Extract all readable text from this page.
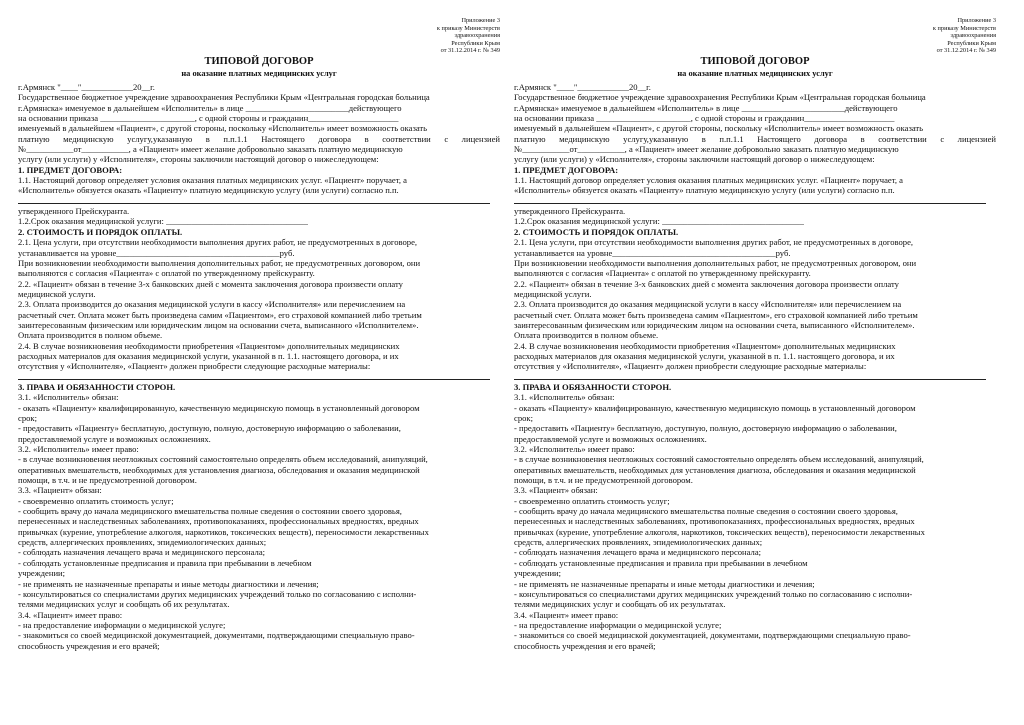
Приложение 3
к приказу Министерств
здравоохранения
Республики Крым
от 31.12.2014 г. № 349
ТИПОВОЙ ДОГОВОР
на оказание платных медицинских услуг
г.Армянск "____"____________20__г.
Государственное бюджетное учреждение здравоохранения Республики Крым «Центральная городская больница
г.Армянска» именуемое в дальнейшем «Исполнитель» в лице ________________________действующего
на основании приказа ______________________, с одной стороны и гражданин_____________________
именуемый в дальнейшем «Пациент», с другой стороны, поскольку «Исполнитель» имеет возможность оказать
платную медицинскую услугу,указанную в п.п.1.1 Настоящего договора в соответствии с лицензией
№___________от___________, а «Пациент» имеет желание добровольно заказать платную медицинскую
услугу (или услуги) у «Исполнителя», стороны заключили настоящий договор о нижеследующем:
1. ПРЕДМЕТ ДОГОВОРА:
1.1. Настоящий договор определяет условия оказания платных медицинских услуг. «Пациент» поручает, а
«Исполнитель» обязуется оказать «Пациенту» платную медицинскую услугу (или услуги) согласно п.п.
утвержденного Прейскуранта.
1.2.Срок оказания медицинской услуги: _________________________________
2. СТОИМОСТЬ И ПОРЯДОК ОПЛАТЫ.
2.1. Цена услуги, при отсутствии необходимости выполнения других работ, не предусмотренных в договоре,
устанавливается на уровне______________________________________руб.
При возникновении необходимости выполнения дополнительных работ, не предусмотренных договором, они
выполняются с согласия «Пациента» с оплатой по утвержденному прейскуранту.
2.2. «Пациент» обязан в течение 3-х банковских дней с момента заключения договора произвести оплату
медицинской услуги.
2.3. Оплата производится до оказания медицинской услуги в кассу «Исполнителя» или перечислением на
расчетный счет. Оплата может быть произведена самим «Пациентом», его страховой компанией либо третьим
заинтересованным физическим или юридическим лицом на основании счета, выписанного «Исполнителем».
Оплата производится в полном объеме.
2.4. В случае возникновения необходимости приобретения «Пациентом» дополнительных медицинских
расходных материалов для оказания медицинской услуги, указанной в п. 1.1. настоящего договора, и их
отсутствия у «Исполнителя», «Пациент» должен приобрести следующие расходные материалы:
3. ПРАВА И ОБЯЗАННОСТИ СТОРОН.
3.1. «Исполнитель» обязан:
- оказать «Пациенту» квалифицированную, качественную медицинскую помощь в установленный договором
срок;
- предоставить «Пациенту» бесплатную, доступную, полную, достоверную информацию о заболевании,
предоставляемой услуге и возможных осложнениях.
3.2. «Исполнитель» имеет право:
- в случае возникновения неотложных состояний самостоятельно определять объем исследований, анипуляций,
оперативных вмешательств, необходимых для установления диагноза, обследования и оказания медицинской
помощи, в т.ч. и не предусмотренной договором.
3.3. «Пациент» обязан:
- своевременно оплатить стоимость услуг;
- сообщить врачу до начала медицинского вмешательства полные сведения о состоянии своего здоровья,
перенесенных и наследственных заболеваниях, противопоказаниях, профессиональных вредностях, вредных
привычках (курение, употребление алкоголя, наркотиков, токсических веществ), переносимости лекарственных
средств, аллергических проявлениях, эпидемиологических данных;
- соблюдать назначения лечащего врача и медицинского персонала;
- соблюдать установленные предписания и правила при пребывании в лечебном
учреждении;
- не применять не назначенные препараты и иные методы диагностики и лечения;
- консультироваться со специалистами других медицинских учреждений только по согласованию с исполни-
телями медицинских услуг и сообщать об их результатах.
3.4. «Пациент» имеет право:
- на предоставление информации о медицинской услуге;
- знакомиться со своей медицинской документацией, документами, подтверждающими специальную право-
способность учреждения и его врачей;
Приложение 3
к приказу Министерств
здравоохранения
Республики Крым
от 31.12.2014 г. № 349
ТИПОВОЙ ДОГОВОР
на оказание платных медицинских услуг
г.Армянск "____"____________20__г.
Государственное бюджетное учреждение здравоохранения Республики Крым «Центральная городская больница
г.Армянска» именуемое в дальнейшем «Исполнитель» в лице ________________________действующего
на основании приказа ______________________, с одной стороны и гражданин_____________________
именуемый в дальнейшем «Пациент», с другой стороны, поскольку «Исполнитель» имеет возможность оказать
платную медицинскую услугу,указанную в п.п.1.1 Настоящего договора в соответствии с лицензией
№___________от___________, а «Пациент» имеет желание добровольно заказать платную медицинскую
услугу (или услуги) у «Исполнителя», стороны заключили настоящий договор о нижеследующем:
1. ПРЕДМЕТ ДОГОВОРА:
1.1. Настоящий договор определяет условия оказания платных медицинских услуг. «Пациент» поручает, а
«Исполнитель» обязуется оказать «Пациенту» платную медицинскую услугу (или услуги) согласно п.п.
утвержденного Прейскуранта.
1.2.Срок оказания медицинской услуги: _________________________________
2. СТОИМОСТЬ И ПОРЯДОК ОПЛАТЫ.
2.1. Цена услуги, при отсутствии необходимости выполнения других работ, не предусмотренных в договоре,
устанавливается на уровне______________________________________руб.
При возникновении необходимости выполнения дополнительных работ, не предусмотренных договором, они
выполняются с согласия «Пациента» с оплатой по утвержденному прейскуранту.
2.2. «Пациент» обязан в течение 3-х банковских дней с момента заключения договора произвести оплату
медицинской услуги.
2.3. Оплата производится до оказания медицинской услуги в кассу «Исполнителя» или перечислением на
расчетный счет. Оплата может быть произведена самим «Пациентом», его страховой компанией либо третьим
заинтересованным физическим или юридическим лицом на основании счета, выписанного «Исполнителем».
Оплата производится в полном объеме.
2.4. В случае возникновения необходимости приобретения «Пациентом» дополнительных медицинских
расходных материалов для оказания медицинской услуги, указанной в п. 1.1. настоящего договора, и их
отсутствия у «Исполнителя», «Пациент» должен приобрести следующие расходные материалы:
3. ПРАВА И ОБЯЗАННОСТИ СТОРОН.
3.1. «Исполнитель» обязан:
- оказать «Пациенту» квалифицированную, качественную медицинскую помощь в установленный договором
срок;
- предоставить «Пациенту» бесплатную, доступную, полную, достоверную информацию о заболевании,
предоставляемой услуге и возможных осложнениях.
3.2. «Исполнитель» имеет право:
- в случае возникновения неотложных состояний самостоятельно определять объем исследований, анипуляций,
оперативных вмешательств, необходимых для установления диагноза, обследования и оказания медицинской
помощи, в т.ч. и не предусмотренной договором.
3.3. «Пациент» обязан:
- своевременно оплатить стоимость услуг;
- сообщить врачу до начала медицинского вмешательства полные сведения о состоянии своего здоровья,
перенесенных и наследственных заболеваниях, противопоказаниях, профессиональных вредностях, вредных
привычках (курение, употребление алкоголя, наркотиков, токсических веществ), переносимости лекарственных
средств, аллергических проявлениях, эпидемиологических данных;
- соблюдать назначения лечащего врача и медицинского персонала;
- соблюдать установленные предписания и правила при пребывании в лечебном
учреждении;
- не применять не назначенные препараты и иные методы диагностики и лечения;
- консультироваться со специалистами других медицинских учреждений только по согласованию с исполни-
телями медицинских услуг и сообщать об их результатах.
3.4. «Пациент» имеет право:
- на предоставление информации о медицинской услуге;
- знакомиться со своей медицинской документацией, документами, подтверждающими специальную право-
способность учреждения и его врачей;
